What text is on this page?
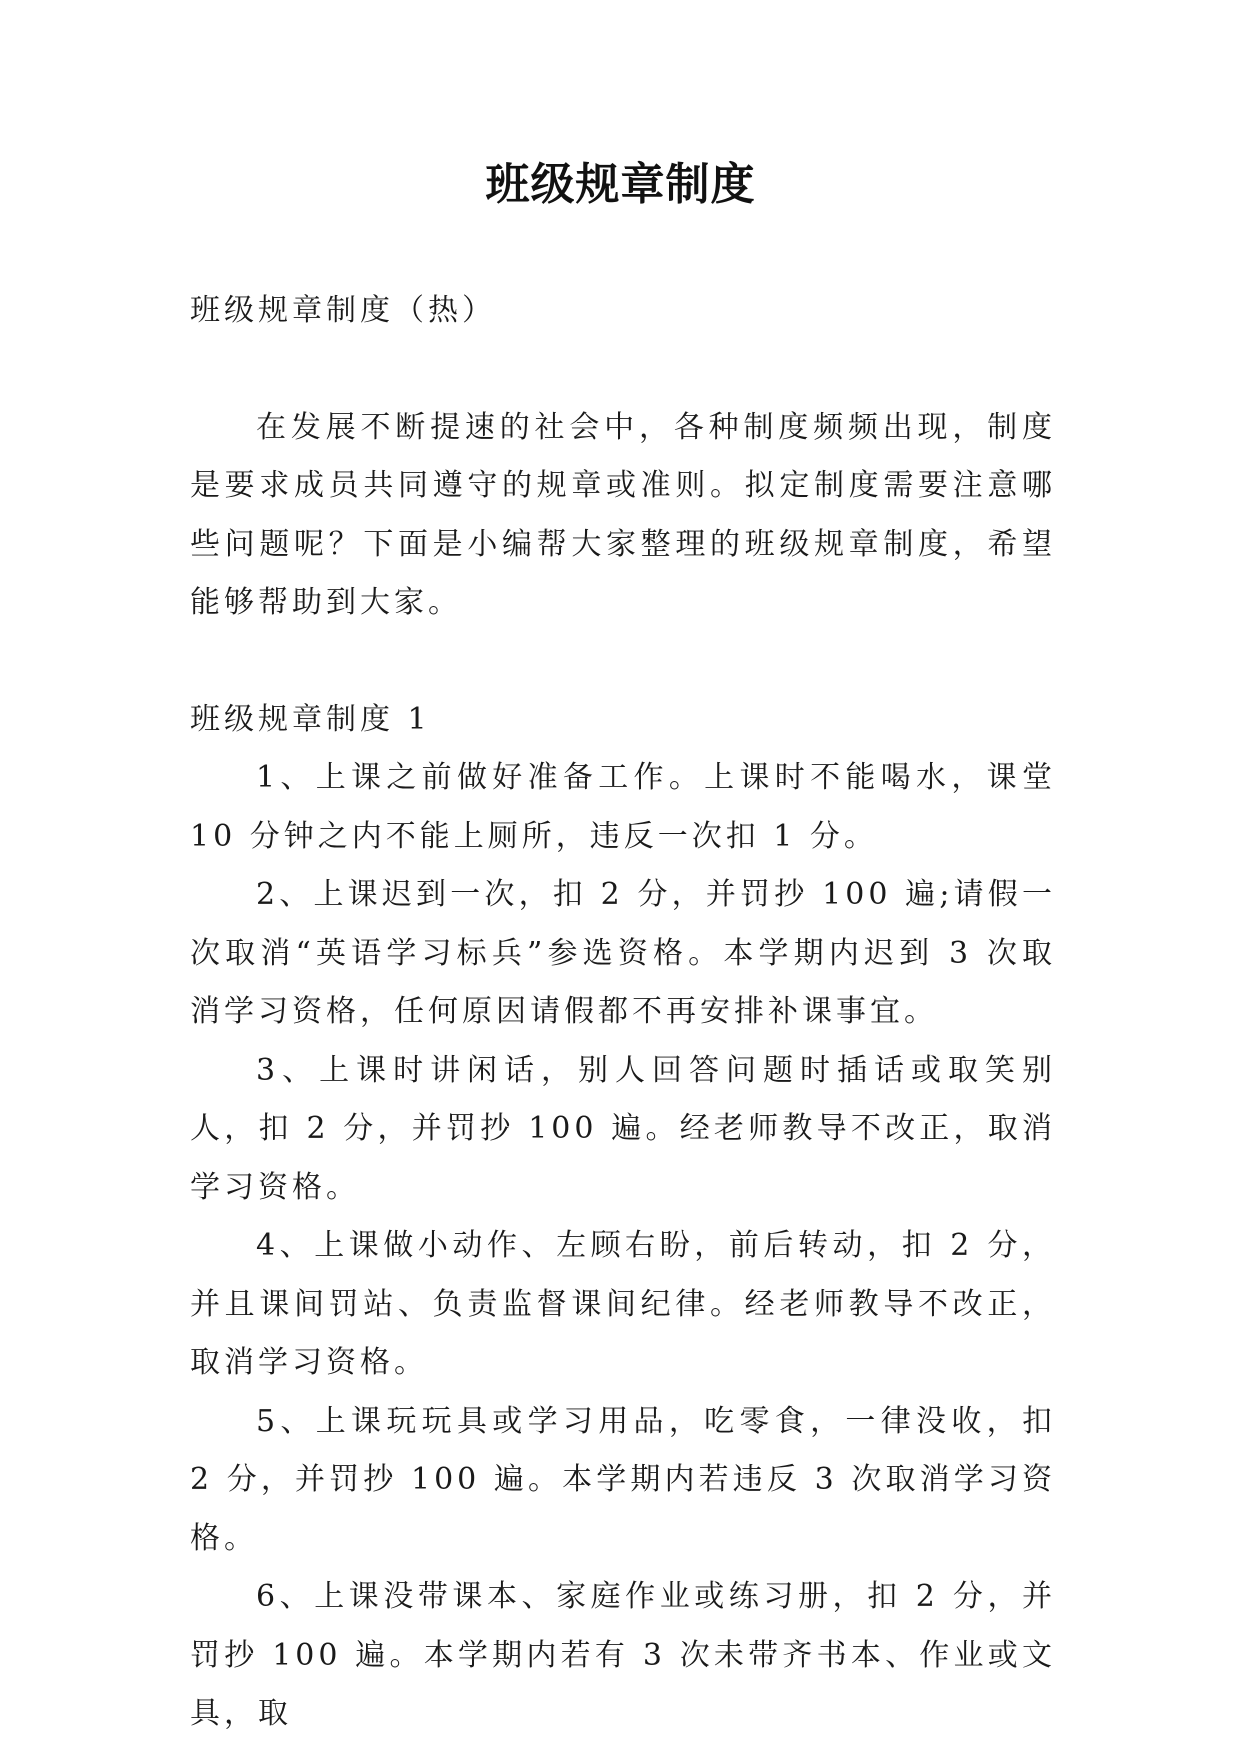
班级规章制度

班级规章制度（热）

在发展不断提速的社会中，各种制度频频出现，制度是要求成员共同遵守的规章或准则。拟定制度需要注意哪些问题呢？下面是小编帮大家整理的班级规章制度，希望能够帮助到大家。

班级规章制度 1

1、上课之前做好准备工作。上课时不能喝水，课堂 10 分钟之内不能上厕所，违反一次扣 1 分。

2、上课迟到一次，扣 2 分，并罚抄 100 遍;请假一次取消“英语学习标兵”参选资格。本学期内迟到 3 次取消学习资格，任何原因请假都不再安排补课事宜。

3、上课时讲闲话，别人回答问题时插话或取笑别人，扣 2 分，并罚抄 100 遍。经老师教导不改正，取消学习资格。

4、上课做小动作、左顾右盼，前后转动，扣 2 分，并且课间罚站、负责监督课间纪律。经老师教导不改正，取消学习资格。

5、上课玩玩具或学习用品，吃零食，一律没收，扣 2 分，并罚抄 100 遍。本学期内若违反 3 次取消学习资格。

6、上课没带课本、家庭作业或练习册，扣 2 分，并罚抄 100 遍。本学期内若有 3 次未带齐书本、作业或文具，取
